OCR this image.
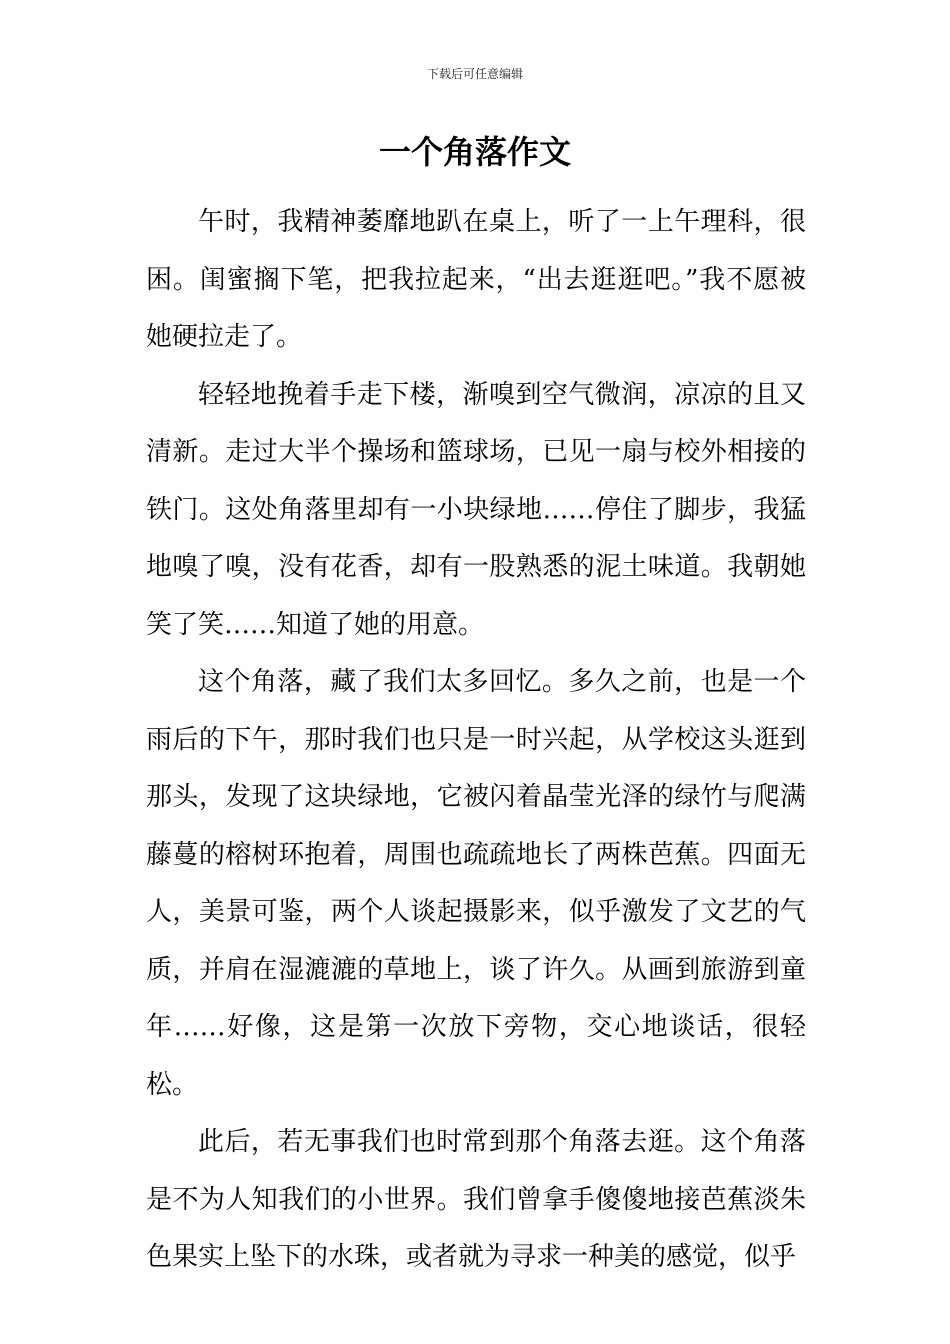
下载后可任意编辑
一个角落作文

午时，我精神萎靡地趴在桌上，听了一上午理科，很困。闺蜜搁下笔，把我拉起来，“出去逛逛吧。”我不愿被她硬拉走了。

轻轻地挽着手走下楼，渐嗅到空气微润，凉凉的且又清新。走过大半个操场和篮球场，已见一扇与校外相接的铁门。这处角落里却有一小块绿地……停住了脚步，我猛地嗅了嗅，没有花香，却有一股熟悉的泥土味道。我朝她笑了笑……知道了她的用意。

这个角落，藏了我们太多回忆。多久之前，也是一个雨后的下午，那时我们也只是一时兴起，从学校这头逛到那头，发现了这块绿地，它被闪着晶莹光泽的绿竹与爬满藤蔓的榕树环抱着，周围也疏疏地长了两株芭蕉。四面无人，美景可鉴，两个人谈起摄影来，似乎激发了文艺的气质，并肩在湿漉漉的草地上，谈了许久。从画到旅游到童年……好像，这是第一次放下旁物，交心地谈话，很轻松。

此后，若无事我们也时常到那个角落去逛。这个角落是不为人知我们的小世界。我们曾拿手傻傻地接芭蕉淡朱色果实上坠下的水珠，或者就为寻求一种美的感觉，似乎
